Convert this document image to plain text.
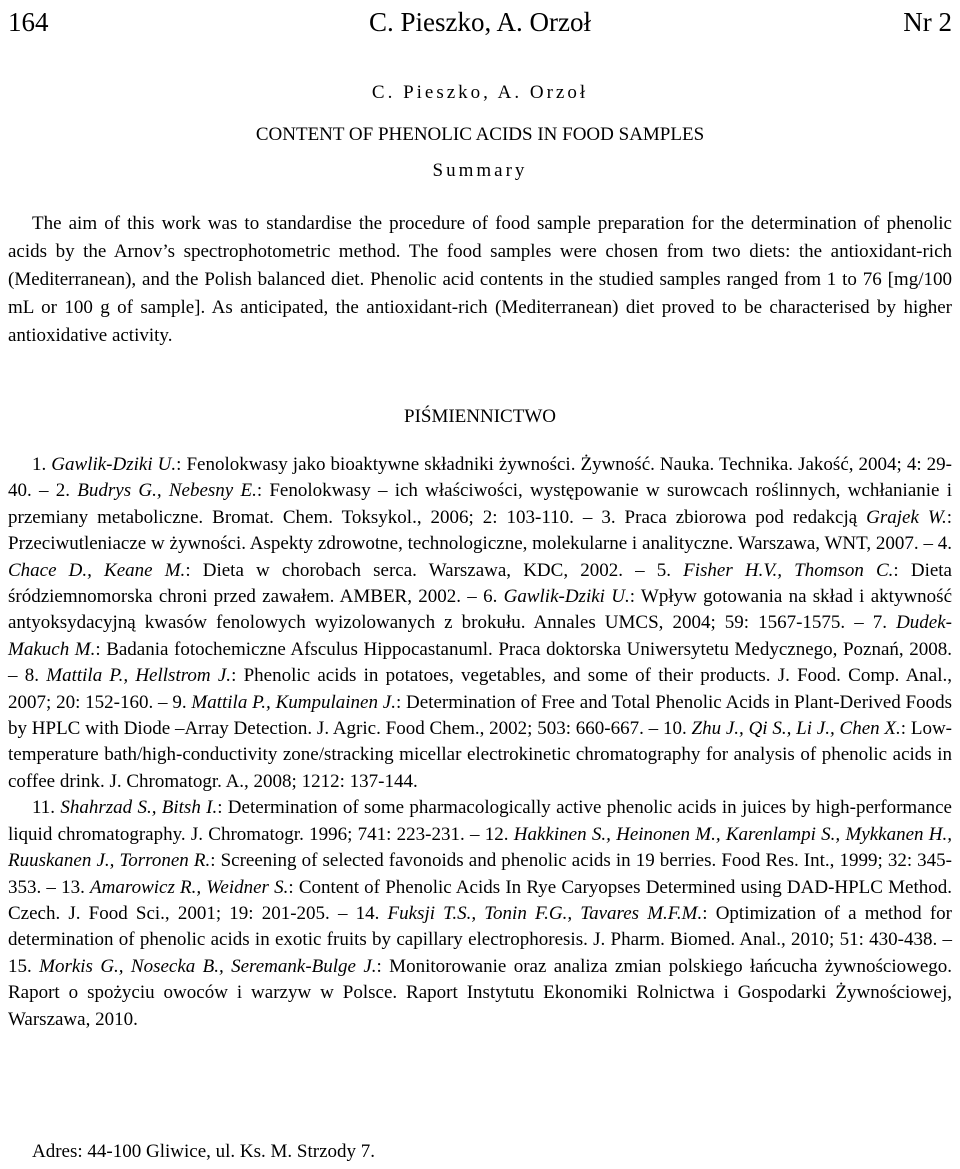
164	C. Pieszko, A. Orzoł	Nr 2
C. Pieszko, A. Orzoł
CONTENT OF PHENOLIC ACIDS IN FOOD SAMPLES
Summary
The aim of this work was to standardise the procedure of food sample preparation for the determination of phenolic acids by the Arnov’s spectrophotometric method. The food samples were chosen from two diets: the antioxidant-rich (Mediterranean), and the Polish balanced diet. Phenolic acid contents in the studied samples ranged from 1 to 76 [mg/100 mL or 100 g of sample]. As anticipated, the antioxidant-rich (Mediterranean) diet proved to be characterised by higher antioxidative activity.
PIŚMIENNICTWO

1. Gawlik-Dziki U.: Fenolokwasy jako bioaktywne składniki żywności. Żywność. Nauka. Technika. Jakość, 2004; 4: 29-40. – 2. Budrys G., Nebesny E.: Fenolokwasy – ich właściwości, występowanie w surowcach roślinnych, wchłanianie i przemiany metaboliczne. Bromat. Chem. Toksykol., 2006; 2: 103-110. – 3. Praca zbiorowa pod redakcją Grajek W.: Przeciwutleniacze w żywności. Aspekty zdrowotne, technologiczne, molekularne i analityczne. Warszawa, WNT, 2007. – 4. Chace D., Keane M.: Dieta w chorobach serca. Warszawa, KDC, 2002. – 5. Fisher H.V., Thomson C.: Dieta śródziemnomorska chroni przed zawałem. AMBER, 2002. – 6. Gawlik-Dziki U.: Wpływ gotowania na skład i aktywność antyoksydacyjną kwasów fenolowych wyizolowanych z brokułu. Annales UMCS, 2004; 59: 1567-1575. – 7. Dudek-Makuch M.: Badania fotochemiczne Afsculus Hippocastanuml. Praca doktorska Uniwersytetu Medycznego, Poznań, 2008. – 8. Mattila P., Hellstrom J.: Phenolic acids in potatoes, vegetables, and some of their products. J. Food. Comp. Anal., 2007; 20: 152-160. – 9. Mattila P., Kumpulainen J.: Determination of Free and Total Phenolic Acids in Plant-Derived Foods by HPLC with Diode –Array Detection. J. Agric. Food Chem., 2002; 503: 660-667. – 10. Zhu J., Qi S., Li J., Chen X.: Low-temperature bath/high-conductivity zone/stracking micellar electrokinetic chromatography for analysis of phenolic acids in coffee drink. J. Chromatogr. A., 2008; 1212: 137-144.

11. Shahrzad S., Bitsh I.: Determination of some pharmacologically active phenolic acids in juices by high-performance liquid chromatography. J. Chromatogr. 1996; 741: 223-231. – 12. Hakkinen S., Heinonen M., Karenlampi S., Mykkanen H., Ruuskanen J., Torronen R.: Screening of selected favonoids and phenolic acids in 19 berries. Food Res. Int., 1999; 32: 345-353. – 13. Amarowicz R., Weidner S.: Content of Phenolic Acids In Rye Caryopses Determined using DAD-HPLC Method. Czech. J. Food Sci., 2001; 19: 201-205. – 14. Fuksji T.S., Tonin F.G., Tavares M.F.M.: Optimization of a method for determination of phenolic acids in exotic fruits by capillary electrophoresis. J. Pharm. Biomed. Anal., 2010; 51: 430-438. – 15. Morkis G., Nosecka B., Seremank-Bulge J.: Monitorowanie oraz analiza zmian polskiego łańcucha żywnościowego. Raport o spożyciu owoców i warzyw w Polsce. Raport Instytutu Ekonomiki Rolnictwa i Gospodarki Żywnościowej, Warszawa, 2010.

Adres: 44-100 Gliwice, ul. Ks. M. Strzody 7.
